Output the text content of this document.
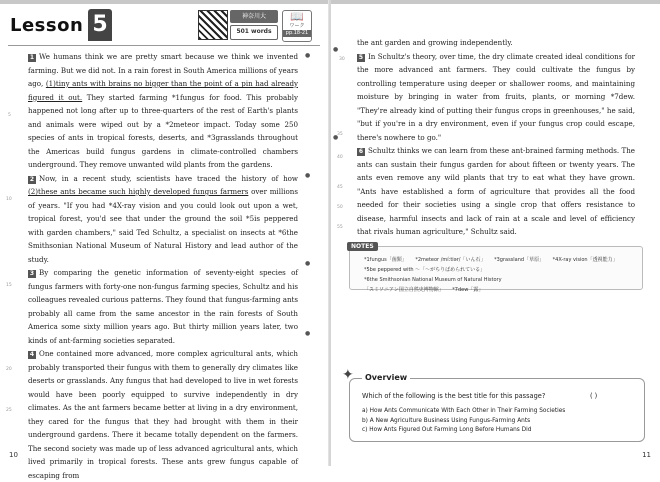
Lesson 5	神奈川大
501 words
📖
ワーク
pp.18-21
5
10
15
20
25
●
●
●
●

1 We humans think we are pretty smart because we think we invented farming. But we did not. In a rain forest in South America millions of years ago, (1)tiny ants with brains no bigger than the point of a pin had already figured it out. They started farming *1fungus for food. This probably happened not long after up to three-quarters of the rest of Earth's plants and animals were wiped out by a *2meteor impact. Today some 250 species of ants in tropical forests, deserts, and *3grasslands throughout the Americas build fungus gardens in climate-controlled chambers underground. They remove unwanted wild plants from the gardens.

2 Now, in a recent study, scientists have traced the history of how (2)these ants became such highly developed fungus farmers over millions of years. "If you had *4X-ray vision and you could look out upon a wet, tropical forest, you'd see that under the ground the soil *5is peppered with garden chambers," said Ted Schultz, a specialist on insects at *6the Smithsonian National Museum of Natural History and lead author of the study.

3 By comparing the genetic information of seventy-eight species of fungus farmers with forty-one non-fungus farming species, Schultz and his colleagues revealed curious patterns. They found that fungus-farming ants probably all came from the same ancestor in the rain forests of South America some sixty million years ago. But thirty million years later, two kinds of ant-farming societies separated.

4 One contained more advanced, more complex agricultural ants, which probably transported their fungus with them to generally dry climates like deserts or grasslands. Any fungus that had developed to live in wet forests would have been poorly equipped to survive independently in dry climates. As the ant farmers became better at living in a dry environment, they cared for the fungus that they had brought with them in their underground gardens. There it became totally dependent on the farmers. The second society was made up of less advanced agricultural ants, which lived primarily in tropical forests. These ants grew fungus capable of escaping from

10
30
35
40
45
50
55
●
●

the ant garden and growing independently.

5 In Schultz's theory, over time, the dry climate created ideal conditions for the more advanced ant farmers. They could cultivate the fungus by controlling temperature using deeper or shallower rooms, and maintaining moisture by bringing in water from fruits, plants, or morning *7dew. "They're already kind of putting their fungus crops in greenhouses," he said, "but if you're in a dry environment, even if your fungus crop could escape, there's nowhere to go."

6 Schultz thinks we can learn from these ant-brained farming methods. The ants can sustain their fungus garden for about fifteen or twenty years. The ants even remove any wild plants that try to eat what they have grown. "Ants have established a form of agriculture that provides all the food needed for their societies using a single crop that offers resistance to disease, harmful insects and lack of rain at a scale and level of efficiency that rivals human agriculture," Schultz said.

NOTES
*1fungus「菌類」 *2meteor /míːtiər/「いん石」 *3grassland「草原」 *4X-ray vision「透視能力」
*5be peppered with ～「～がちりばめられている」 *6the Smithsonian National Museum of Natural History
「スミソニアン国立自然史博物館」 *7dew「露」
✦	Overview
Which of the following is the best title for this passage?	( )
a) How Ants Communicate With Each Other in Their Farming Societies
b) A New Agriculture Business Using Fungus-Farming Ants
c) How Ants Figured Out Farming Long Before Humans Did
11
